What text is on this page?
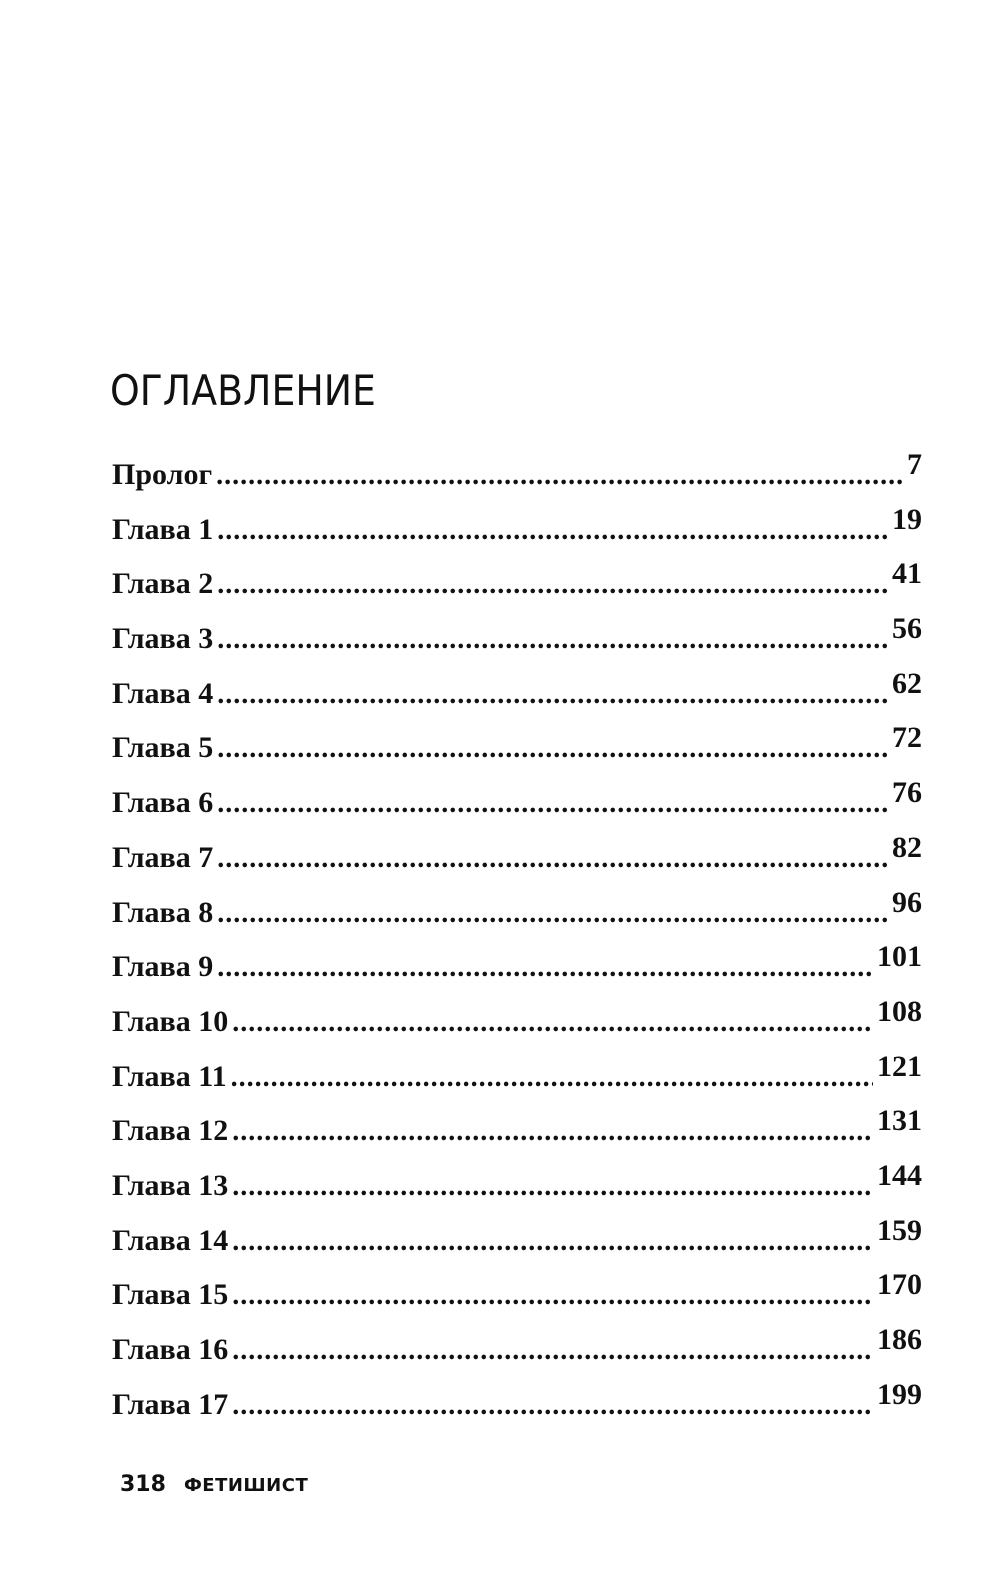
ОГЛАВЛЕНИЕ
Пролог . . .	7
Глава 1 . . .	19
Глава 2 . . .	41
Глава 3 . . .	56
Глава 4 . . .	62
Глава 5 . . .	72
Глава 6 . . .	76
Глава 7 . . .	82
Глава 8 . . .	96
Глава 9 . . .	101
Глава 10 . . .	108
Глава 11 . . .	121
Глава 12 . . .	131
Глава 13 . . .	144
Глава 14 . . .	159
Глава 15 . . .	170
Глава 16 . . .	186
Глава 17 . . .	199
318 ФЕТИШИСТ
